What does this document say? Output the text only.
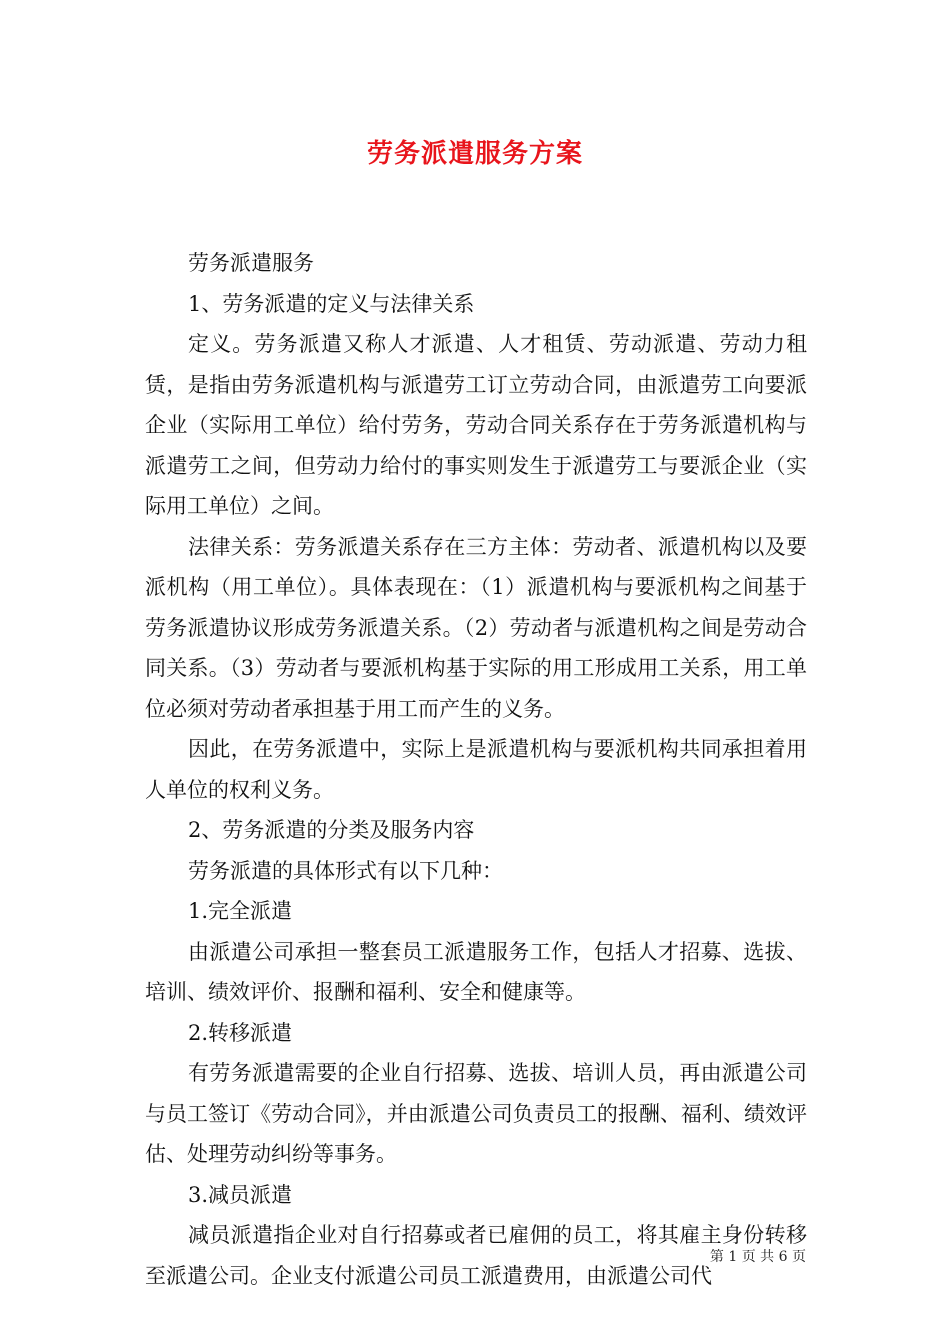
劳务派遣服务方案

劳务派遣服务

1、劳务派遣的定义与法律关系

定义。劳务派遣又称人才派遣、人才租赁、劳动派遣、劳动力租赁，是指由劳务派遣机构与派遣劳工订立劳动合同，由派遣劳工向要派企业（实际用工单位）给付劳务，劳动合同关系存在于劳务派遣机构与派遣劳工之间，但劳动力给付的事实则发生于派遣劳工与要派企业（实际用工单位）之间。

法律关系：劳务派遣关系存在三方主体：劳动者、派遣机构以及要派机构（用工单位）。具体表现在：（1）派遣机构与要派机构之间基于劳务派遣协议形成劳务派遣关系。（2）劳动者与派遣机构之间是劳动合同关系。（3）劳动者与要派机构基于实际的用工形成用工关系，用工单位必须对劳动者承担基于用工而产生的义务。

因此，在劳务派遣中，实际上是派遣机构与要派机构共同承担着用人单位的权利义务。

2、劳务派遣的分类及服务内容

劳务派遣的具体形式有以下几种：

1.完全派遣

由派遣公司承担一整套员工派遣服务工作，包括人才招募、选拔、培训、绩效评价、报酬和福利、安全和健康等。

2.转移派遣

有劳务派遣需要的企业自行招募、选拔、培训人员，再由派遣公司与员工签订《劳动合同》，并由派遣公司负责员工的报酬、福利、绩效评估、处理劳动纠纷等事务。

3.减员派遣

减员派遣指企业对自行招募或者已雇佣的员工，将其雇主身份转移至派遣公司。企业支付派遣公司员工派遣费用，由派遣公司代

第 1 页 共 6 页
